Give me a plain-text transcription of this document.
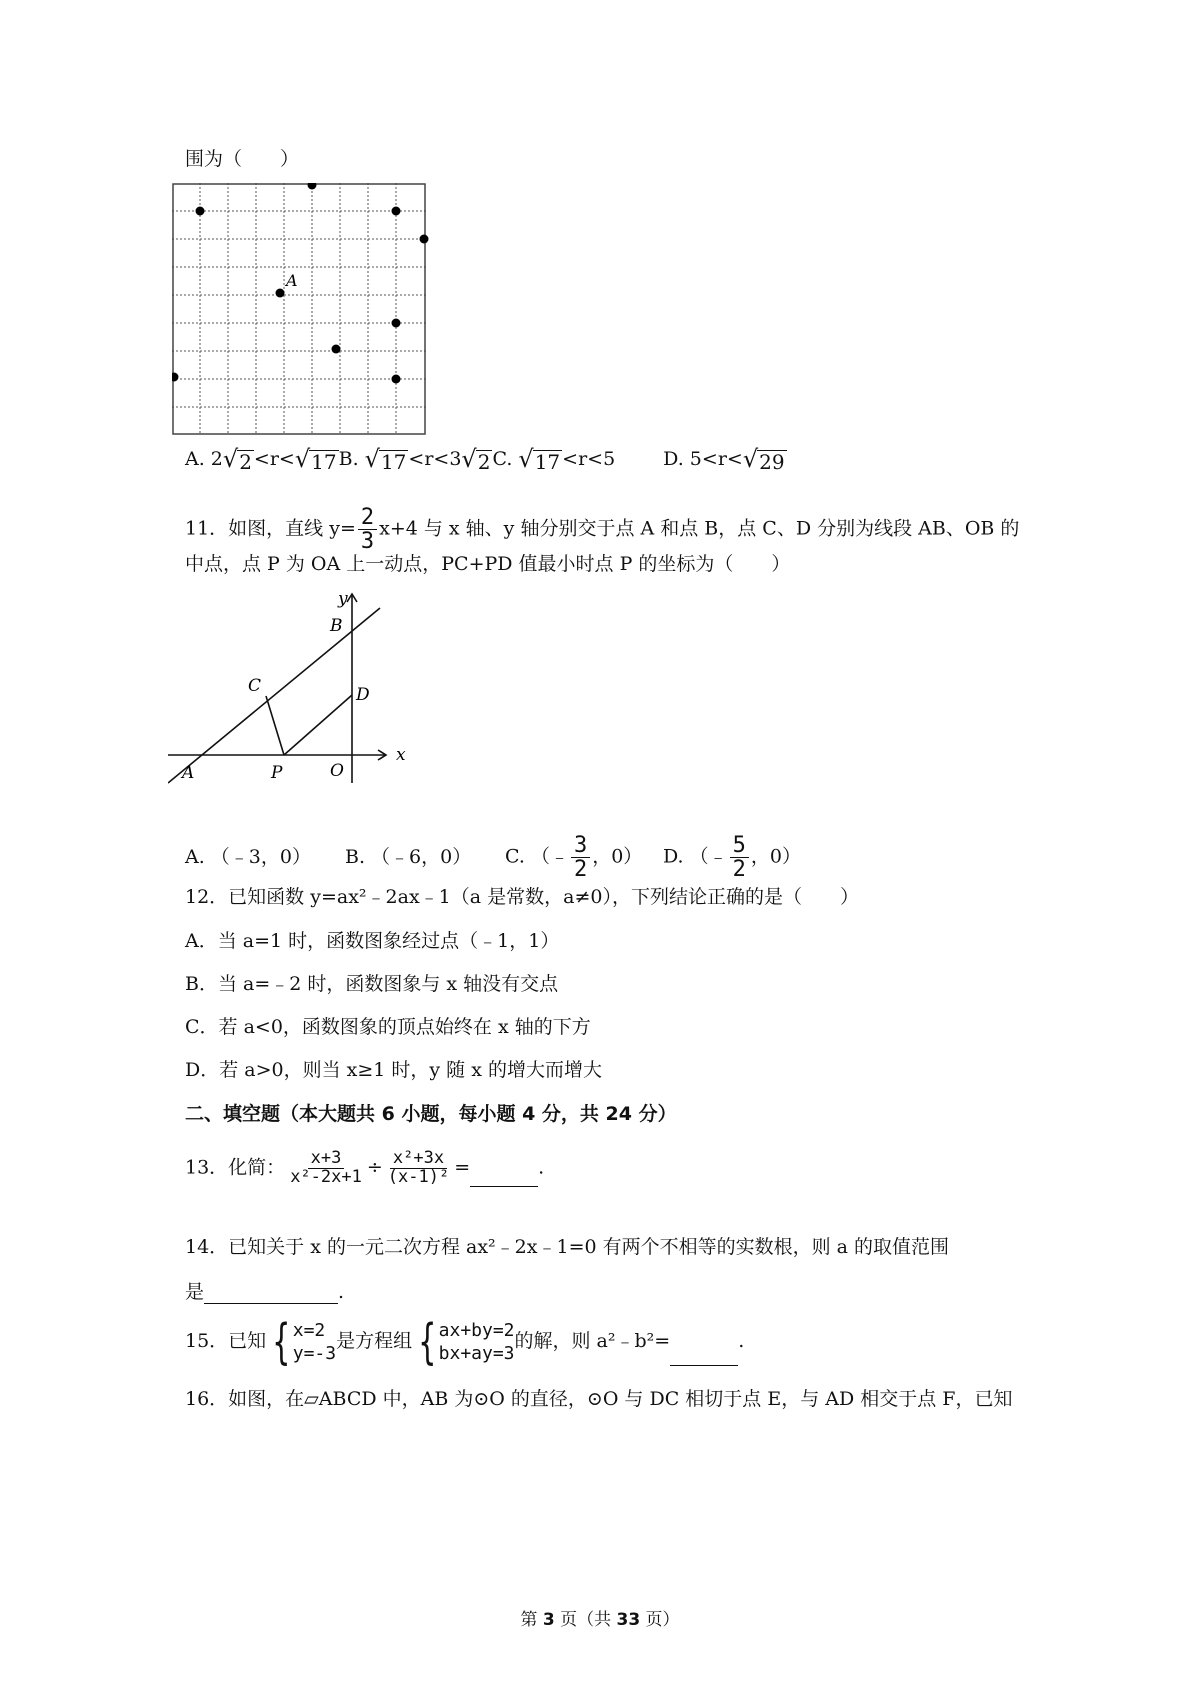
围为（　　）
A
A. 2 √ 2 <r< √ 17 B. √ 17 <r<3 √ 2 C. √ 17 <r<5	D. 5<r< √ 29
11．如图，直线 $y= \frac{2}{3} x+4$ 与 x 轴、y 轴分别交于点 A 和点 B，点 C、D 分别为线段 AB、OB 的
中点，点 P 为 OA 上一动点，PC+PD 值最小时点 P 的坐标为（　　）
y
B
C	D
x
A	P	O
A. （﹣3，0） B. （﹣6，0） C. （﹣ $\frac{3}{2}$ ，0） D. （﹣ $\frac{5}{2}$ ，0）
12．已知函数 y=ax²﹣2ax﹣1（a 是常数，a≠0），下列结论正确的是（　　）
A．当 a=1 时，函数图象经过点（﹣1，1）
B．当 a=﹣2 时，函数图象与 x 轴没有交点
C．若 a<0，函数图象的顶点始终在 x 轴的下方
D．若 a>0，则当 x≥1 时，y 随 x 的增大而增大
二、填空题（本大题共 6 小题，每小题 4 分，共 24 分）
13．化简： $\frac{x+3}{\text{x²-2x+1}} \div \frac{\text{x²+3x}}{\text{(x-1)²}}$ =	.
14．已知关于 x 的一元二次方程 ax²﹣2x﹣1=0 有两个不相等的实数根，则 a 的取值范围
是	.
15．已知 { x=2
y=-3
是方程组 { ax+by=2
bx+ay=3
的解，则 a²﹣b²=	.
16．如图，在▱ABCD 中，AB 为⊙O 的直径，⊙O 与 DC 相切于点 E，与 AD 相交于点 F，已知
第 3 页（共 33 页）
